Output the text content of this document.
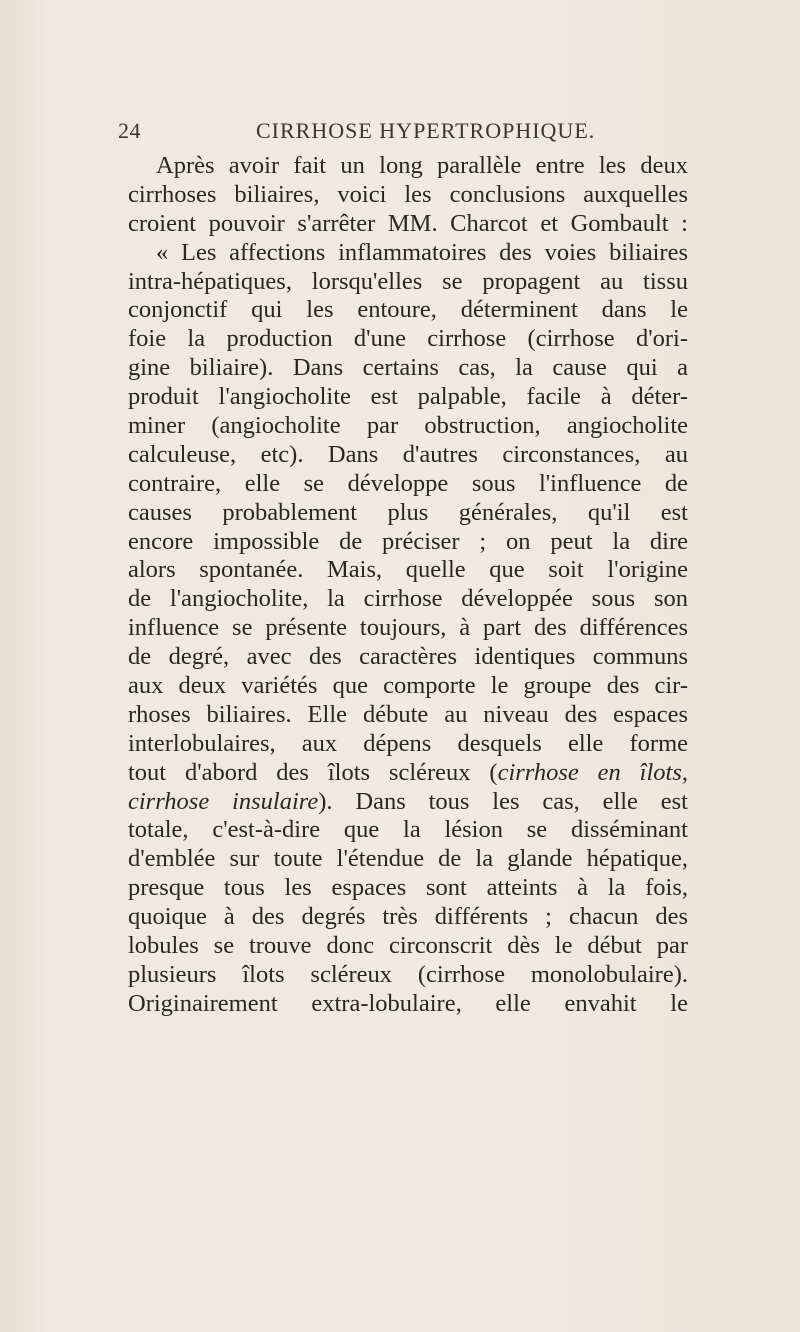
24	CIRRHOSE HYPERTROPHIQUE.
Après avoir fait un long parallèle entre les deux
cirrhoses biliaires, voici les conclusions auxquelles
croient pouvoir s'arrêter MM. Charcot et Gombault :
« Les affections inflammatoires des voies biliaires
intra-hépatiques, lorsqu'elles se propagent au tissu
conjonctif qui les entoure, déterminent dans le
foie la production d'une cirrhose (cirrhose d'ori-
gine biliaire). Dans certains cas, la cause qui a
produit l'angiocholite est palpable, facile à déter-
miner (angiocholite par obstruction, angiocholite
calculeuse, etc). Dans d'autres circonstances, au
contraire, elle se développe sous l'influence de
causes probablement plus générales, qu'il est
encore impossible de préciser ; on peut la dire
alors spontanée. Mais, quelle que soit l'origine
de l'angiocholite, la cirrhose développée sous son
influence se présente toujours, à part des différences
de degré, avec des caractères identiques communs
aux deux variétés que comporte le groupe des cir-
rhoses biliaires. Elle débute au niveau des espaces
interlobulaires, aux dépens desquels elle forme
tout d'abord des îlots scléreux (cirrhose en îlots,
cirrhose insulaire). Dans tous les cas, elle est
totale, c'est-à-dire que la lésion se disséminant
d'emblée sur toute l'étendue de la glande hépatique,
presque tous les espaces sont atteints à la fois,
quoique à des degrés très différents ; chacun des
lobules se trouve donc circonscrit dès le début par
plusieurs îlots scléreux (cirrhose monolobulaire).
Originairement extra-lobulaire, elle envahit le
